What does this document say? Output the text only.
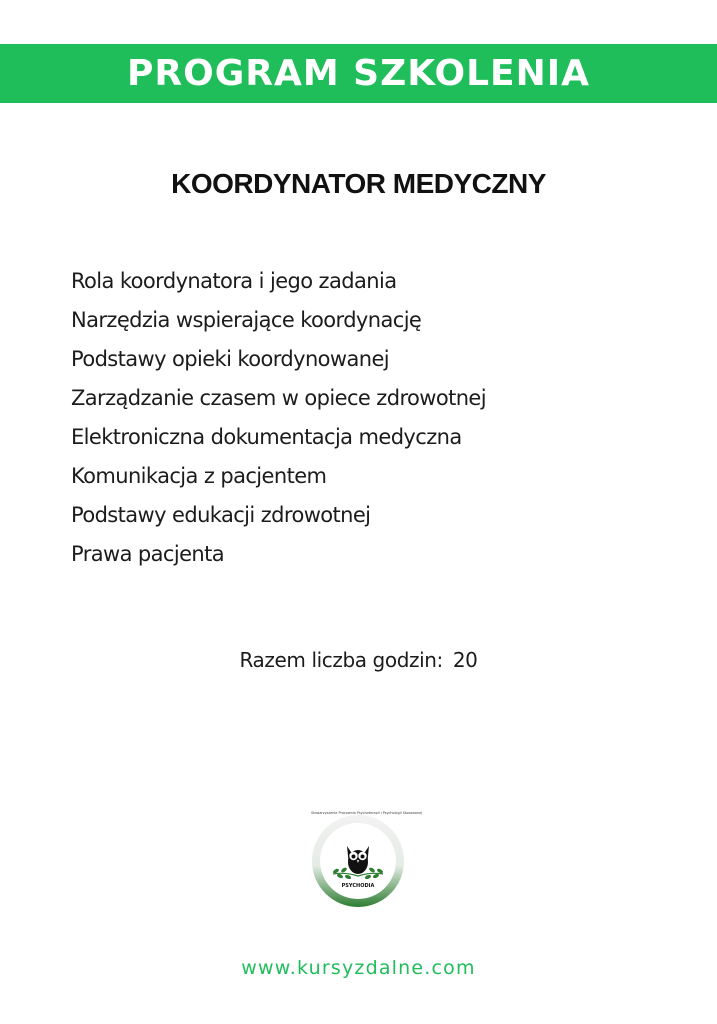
PROGRAM SZKOLENIA
KOORDYNATOR MEDYCZNY
Rola koordynatora i jego zadania
Narzędzia wspierające koordynację
Podstawy opieki koordynowanej
Zarządzanie czasem w opiece zdrowotnej
Elektroniczna dokumentacja medyczna
Komunikacja z pacjentem
Podstawy edukacji zdrowotnej
Prawa pacjenta
Razem liczba godzin: 20
Stowarzyszenie Pracownia Psychoterapii i Psychologii Stosowanej
PSYCHODIA
www.kursyzdalne.com
